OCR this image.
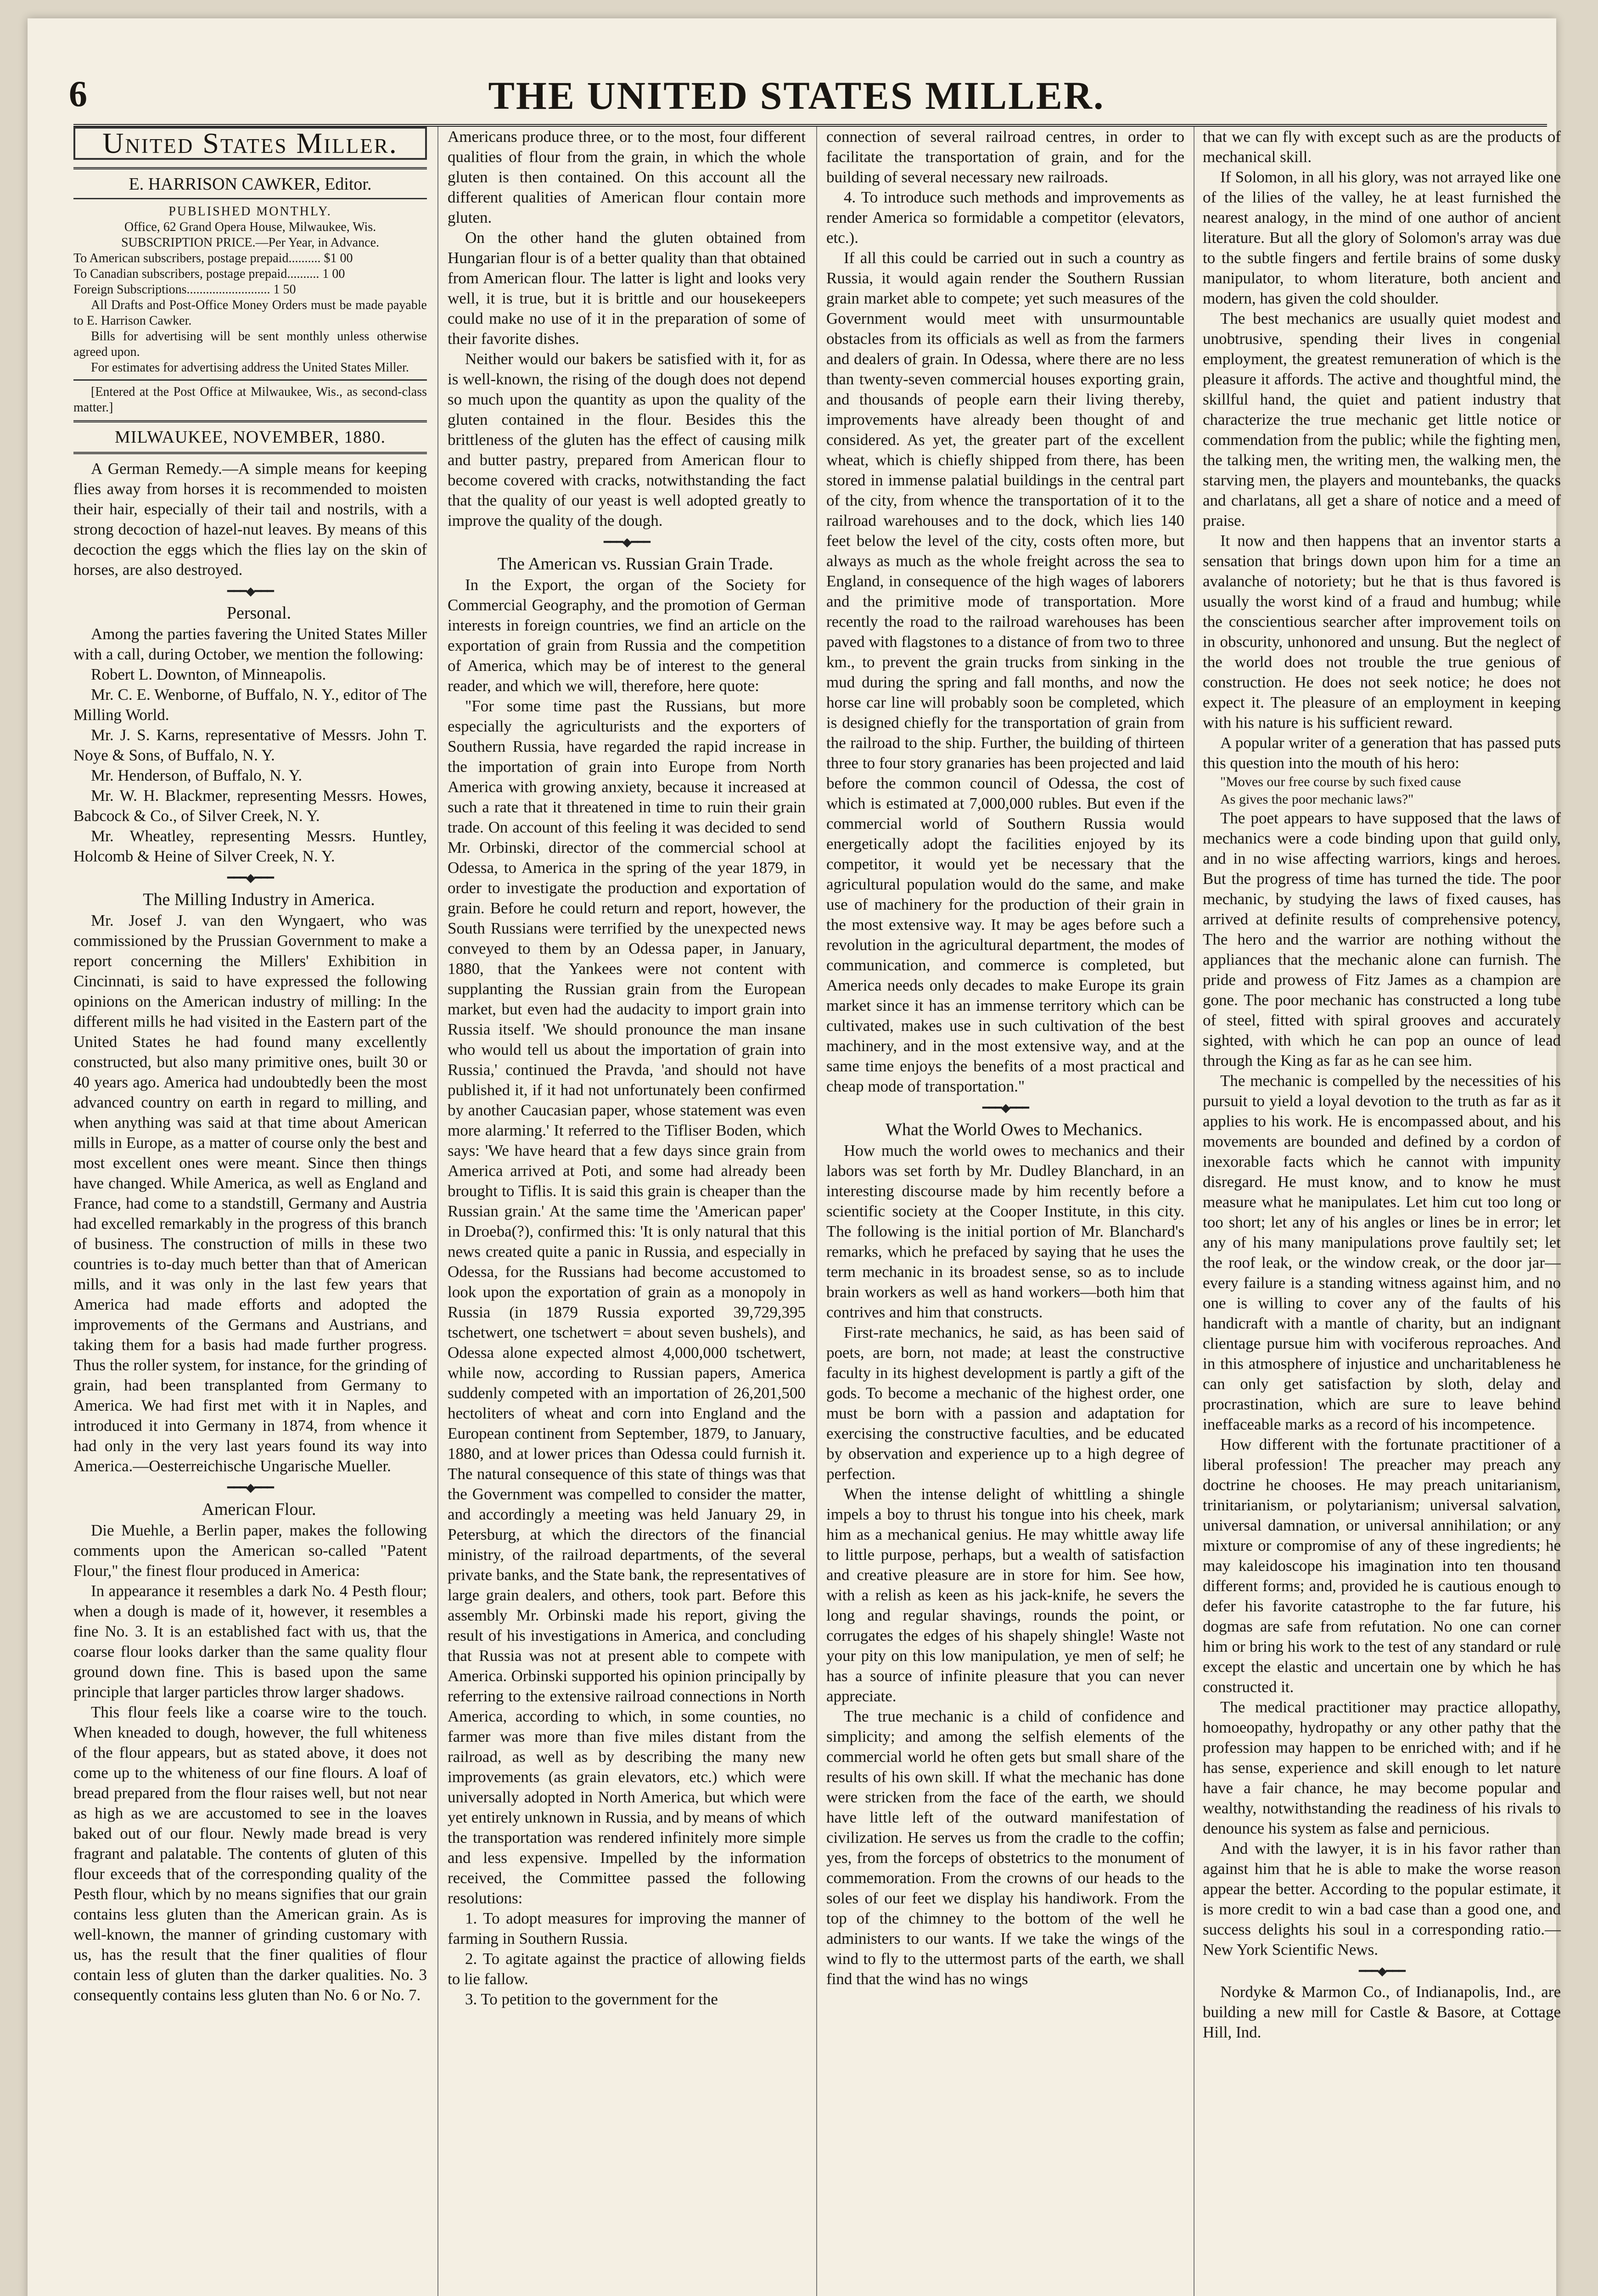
6	THE UNITED STATES MILLER.
United States Miller.

E. HARRISON CAWKER, Editor.

PUBLISHED MONTHLY.

Office, 62 Grand Opera House, Milwaukee, Wis.

SUBSCRIPTION PRICE.—Per Year, in Advance.

To American subscribers, postage prepaid.......... $1 00

To Canadian subscribers, postage prepaid.......... 1 00

Foreign Subscriptions.......................... 1 50

All Drafts and Post-Office Money Orders must be made payable to E. Harrison Cawker.

Bills for advertising will be sent monthly unless otherwise agreed upon.

For estimates for advertising address the United States Miller.

[Entered at the Post Office at Milwaukee, Wis., as second-class matter.]

MILWAUKEE, NOVEMBER, 1880.

A German Remedy.—A simple means for keeping flies away from horses it is recommended to moisten their hair, especially of their tail and nostrils, with a strong decoction of hazel-nut leaves. By means of this decoction the eggs which the flies lay on the skin of horses, are also destroyed.

━━━◆━━━

Personal.

Among the parties favering the United States Miller with a call, during October, we mention the following:

Robert L. Downton, of Minneapolis.

Mr. C. E. Wenborne, of Buffalo, N. Y., editor of The Milling World.

Mr. J. S. Karns, representative of Messrs. John T. Noye & Sons, of Buffalo, N. Y.

Mr. Henderson, of Buffalo, N. Y.

Mr. W. H. Blackmer, representing Messrs. Howes, Babcock & Co., of Silver Creek, N. Y.

Mr. Wheatley, representing Messrs. Huntley, Holcomb & Heine of Silver Creek, N. Y.

━━━◆━━━

The Milling Industry in America.

Mr. Josef J. van den Wyngaert, who was commissioned by the Prussian Government to make a report concerning the Millers' Exhibition in Cincinnati, is said to have expressed the following opinions on the American industry of milling: In the different mills he had visited in the Eastern part of the United States he had found many excellently constructed, but also many primitive ones, built 30 or 40 years ago. America had undoubtedly been the most advanced country on earth in regard to milling, and when anything was said at that time about American mills in Europe, as a matter of course only the best and most excellent ones were meant. Since then things have changed. While America, as well as England and France, had come to a standstill, Germany and Austria had excelled remarkably in the progress of this branch of business. The construction of mills in these two countries is to-day much better than that of American mills, and it was only in the last few years that America had made efforts and adopted the improvements of the Germans and Austrians, and taking them for a basis had made further progress. Thus the roller system, for instance, for the grinding of grain, had been transplanted from Germany to America. We had first met with it in Naples, and introduced it into Germany in 1874, from whence it had only in the very last years found its way into America.—Oesterreichische Ungarische Mueller.

━━━◆━━━

American Flour.

Die Muehle, a Berlin paper, makes the following comments upon the American so-called "Patent Flour," the finest flour produced in America:

In appearance it resembles a dark No. 4 Pesth flour; when a dough is made of it, however, it resembles a fine No. 3. It is an established fact with us, that the coarse flour looks darker than the same quality flour ground down fine. This is based upon the same principle that larger particles throw larger shadows.

This flour feels like a coarse wire to the touch. When kneaded to dough, however, the full whiteness of the flour appears, but as stated above, it does not come up to the whiteness of our fine flours. A loaf of bread prepared from the flour raises well, but not near as high as we are accustomed to see in the loaves baked out of our flour. Newly made bread is very fragrant and palatable. The contents of gluten of this flour exceeds that of the corresponding quality of the Pesth flour, which by no means signifies that our grain contains less gluten than the American grain. As is well-known, the manner of grinding customary with us, has the result that the finer qualities of flour contain less of gluten than the darker qualities. No. 3 consequently contains less gluten than No. 6 or No. 7.

Americans produce three, or to the most, four different qualities of flour from the grain, in which the whole gluten is then contained. On this account all the different qualities of American flour contain more gluten.

On the other hand the gluten obtained from Hungarian flour is of a better quality than that obtained from American flour. The latter is light and looks very well, it is true, but it is brittle and our housekeepers could make no use of it in the preparation of some of their favorite dishes.

Neither would our bakers be satisfied with it, for as is well-known, the rising of the dough does not depend so much upon the quantity as upon the quality of the gluten contained in the flour. Besides this the brittleness of the gluten has the effect of causing milk and butter pastry, prepared from American flour to become covered with cracks, notwithstanding the fact that the quality of our yeast is well adopted greatly to improve the quality of the dough.

━━━◆━━━

The American vs. Russian Grain Trade.

In the Export, the organ of the Society for Commercial Geography, and the promotion of German interests in foreign countries, we find an article on the exportation of grain from Russia and the competition of America, which may be of interest to the general reader, and which we will, therefore, here quote:

"For some time past the Russians, but more especially the agriculturists and the exporters of Southern Russia, have regarded the rapid increase in the importation of grain into Europe from North America with growing anxiety, because it increased at such a rate that it threatened in time to ruin their grain trade. On account of this feeling it was decided to send Mr. Orbinski, director of the commercial school at Odessa, to America in the spring of the year 1879, in order to investigate the production and exportation of grain. Before he could return and report, however, the South Russians were terrified by the unexpected news conveyed to them by an Odessa paper, in January, 1880, that the Yankees were not content with supplanting the Russian grain from the European market, but even had the audacity to import grain into Russia itself. 'We should pronounce the man insane who would tell us about the importation of grain into Russia,' continued the Pravda, 'and should not have published it, if it had not unfortunately been confirmed by another Caucasian paper, whose statement was even more alarming.' It referred to the Tifliser Boden, which says: 'We have heard that a few days since grain from America arrived at Poti, and some had already been brought to Tiflis. It is said this grain is cheaper than the Russian grain.' At the same time the 'American paper' in Droeba(?), confirmed this: 'It is only natural that this news created quite a panic in Russia, and especially in Odessa, for the Russians had become accustomed to look upon the exportation of grain as a monopoly in Russia (in 1879 Russia exported 39,729,395 tschetwert, one tschetwert = about seven bushels), and Odessa alone expected almost 4,000,000 tschetwert, while now, according to Russian papers, America suddenly competed with an importation of 26,201,500 hectoliters of wheat and corn into England and the European continent from September, 1879, to January, 1880, and at lower prices than Odessa could furnish it. The natural consequence of this state of things was that the Government was compelled to consider the matter, and accordingly a meeting was held January 29, in Petersburg, at which the directors of the financial ministry, of the railroad departments, of the several private banks, and the State bank, the representatives of large grain dealers, and others, took part. Before this assembly Mr. Orbinski made his report, giving the result of his investigations in America, and concluding that Russia was not at present able to compete with America. Orbinski supported his opinion principally by referring to the extensive railroad connections in North America, according to which, in some counties, no farmer was more than five miles distant from the railroad, as well as by describing the many new improvements (as grain elevators, etc.) which were universally adopted in North America, but which were yet entirely unknown in Russia, and by means of which the transportation was rendered infinitely more simple and less expensive. Impelled by the information received, the Committee passed the following resolutions:

1. To adopt measures for improving the manner of farming in Southern Russia.

2. To agitate against the practice of allowing fields to lie fallow.

3. To petition to the government for the

connection of several railroad centres, in order to facilitate the transportation of grain, and for the building of several necessary new railroads.

4. To introduce such methods and improvements as render America so formidable a competitor (elevators, etc.).

If all this could be carried out in such a country as Russia, it would again render the Southern Russian grain market able to compete; yet such measures of the Government would meet with unsurmountable obstacles from its officials as well as from the farmers and dealers of grain. In Odessa, where there are no less than twenty-seven commercial houses exporting grain, and thousands of people earn their living thereby, improvements have already been thought of and considered. As yet, the greater part of the excellent wheat, which is chiefly shipped from there, has been stored in immense palatial buildings in the central part of the city, from whence the transportation of it to the railroad warehouses and to the dock, which lies 140 feet below the level of the city, costs often more, but always as much as the whole freight across the sea to England, in consequence of the high wages of laborers and the primitive mode of transportation. More recently the road to the railroad warehouses has been paved with flagstones to a distance of from two to three km., to prevent the grain trucks from sinking in the mud during the spring and fall months, and now the horse car line will probably soon be completed, which is designed chiefly for the transportation of grain from the railroad to the ship. Further, the building of thirteen three to four story granaries has been projected and laid before the common council of Odessa, the cost of which is estimated at 7,000,000 rubles. But even if the commercial world of Southern Russia would energetically adopt the facilities enjoyed by its competitor, it would yet be necessary that the agricultural population would do the same, and make use of machinery for the production of their grain in the most extensive way. It may be ages before such a revolution in the agricultural department, the modes of communication, and commerce is completed, but America needs only decades to make Europe its grain market since it has an immense territory which can be cultivated, makes use in such cultivation of the best machinery, and in the most extensive way, and at the same time enjoys the benefits of a most practical and cheap mode of transportation."

━━━◆━━━

What the World Owes to Mechanics.

How much the world owes to mechanics and their labors was set forth by Mr. Dudley Blanchard, in an interesting discourse made by him recently before a scientific society at the Cooper Institute, in this city. The following is the initial portion of Mr. Blanchard's remarks, which he prefaced by saying that he uses the term mechanic in its broadest sense, so as to include brain workers as well as hand workers—both him that contrives and him that constructs.

First-rate mechanics, he said, as has been said of poets, are born, not made; at least the constructive faculty in its highest development is partly a gift of the gods. To become a mechanic of the highest order, one must be born with a passion and adaptation for exercising the constructive faculties, and be educated by observation and experience up to a high degree of perfection.

When the intense delight of whittling a shingle impels a boy to thrust his tongue into his cheek, mark him as a mechanical genius. He may whittle away life to little purpose, perhaps, but a wealth of satisfaction and creative pleasure are in store for him. See how, with a relish as keen as his jack-knife, he severs the long and regular shavings, rounds the point, or corrugates the edges of his shapely shingle! Waste not your pity on this low manipulation, ye men of self; he has a source of infinite pleasure that you can never appreciate.

The true mechanic is a child of confidence and simplicity; and among the selfish elements of the commercial world he often gets but small share of the results of his own skill. If what the mechanic has done were stricken from the face of the earth, we should have little left of the outward manifestation of civilization. He serves us from the cradle to the coffin; yes, from the forceps of obstetrics to the monument of commemoration. From the crowns of our heads to the soles of our feet we display his handiwork. From the top of the chimney to the bottom of the well he administers to our wants. If we take the wings of the wind to fly to the uttermost parts of the earth, we shall find that the wind has no wings

that we can fly with except such as are the products of mechanical skill.

If Solomon, in all his glory, was not arrayed like one of the lilies of the valley, he at least furnished the nearest analogy, in the mind of one author of ancient literature. But all the glory of Solomon's array was due to the subtle fingers and fertile brains of some dusky manipulator, to whom literature, both ancient and modern, has given the cold shoulder.

The best mechanics are usually quiet modest and unobtrusive, spending their lives in congenial employment, the greatest remuneration of which is the pleasure it affords. The active and thoughtful mind, the skillful hand, the quiet and patient industry that characterize the true mechanic get little notice or commendation from the public; while the fighting men, the talking men, the writing men, the walking men, the starving men, the players and mountebanks, the quacks and charlatans, all get a share of notice and a meed of praise.

It now and then happens that an inventor starts a sensation that brings down upon him for a time an avalanche of notoriety; but he that is thus favored is usually the worst kind of a fraud and humbug; while the conscientious searcher after improvement toils on in obscurity, unhonored and unsung. But the neglect of the world does not trouble the true genious of construction. He does not seek notice; he does not expect it. The pleasure of an employment in keeping with his nature is his sufficient reward.

A popular writer of a generation that has passed puts this question into the mouth of his hero:

"Moves our free course by such fixed cause

As gives the poor mechanic laws?"

The poet appears to have supposed that the laws of mechanics were a code binding upon that guild only, and in no wise affecting warriors, kings and heroes. But the progress of time has turned the tide. The poor mechanic, by studying the laws of fixed causes, has arrived at definite results of comprehensive potency, The hero and the warrior are nothing without the appliances that the mechanic alone can furnish. The pride and prowess of Fitz James as a champion are gone. The poor mechanic has constructed a long tube of steel, fitted with spiral grooves and accurately sighted, with which he can pop an ounce of lead through the King as far as he can see him.

The mechanic is compelled by the necessities of his pursuit to yield a loyal devotion to the truth as far as it applies to his work. He is encompassed about, and his movements are bounded and defined by a cordon of inexorable facts which he cannot with impunity disregard. He must know, and to know he must measure what he manipulates. Let him cut too long or too short; let any of his angles or lines be in error; let any of his many manipulations prove faultily set; let the roof leak, or the window creak, or the door jar—every failure is a standing witness against him, and no one is willing to cover any of the faults of his handicraft with a mantle of charity, but an indignant clientage pursue him with vociferous reproaches. And in this atmosphere of injustice and uncharitableness he can only get satisfaction by sloth, delay and procrastination, which are sure to leave behind ineffaceable marks as a record of his incompetence.

How different with the fortunate practitioner of a liberal profession! The preacher may preach any doctrine he chooses. He may preach unitarianism, trinitarianism, or polytarianism; universal salvation, universal damnation, or universal annihilation; or any mixture or compromise of any of these ingredients; he may kaleidoscope his imagination into ten thousand different forms; and, provided he is cautious enough to defer his favorite catastrophe to the far future, his dogmas are safe from refutation. No one can corner him or bring his work to the test of any standard or rule except the elastic and uncertain one by which he has constructed it.

The medical practitioner may practice allopathy, homoeopathy, hydropathy or any other pathy that the profession may happen to be enriched with; and if he has sense, experience and skill enough to let nature have a fair chance, he may become popular and wealthy, notwithstanding the readiness of his rivals to denounce his system as false and pernicious.

And with the lawyer, it is in his favor rather than against him that he is able to make the worse reason appear the better. According to the popular estimate, it is more credit to win a bad case than a good one, and success delights his soul in a corresponding ratio.—New York Scientific News.

━━━◆━━━

Nordyke & Marmon Co., of Indianapolis, Ind., are building a new mill for Castle & Basore, at Cottage Hill, Ind.
